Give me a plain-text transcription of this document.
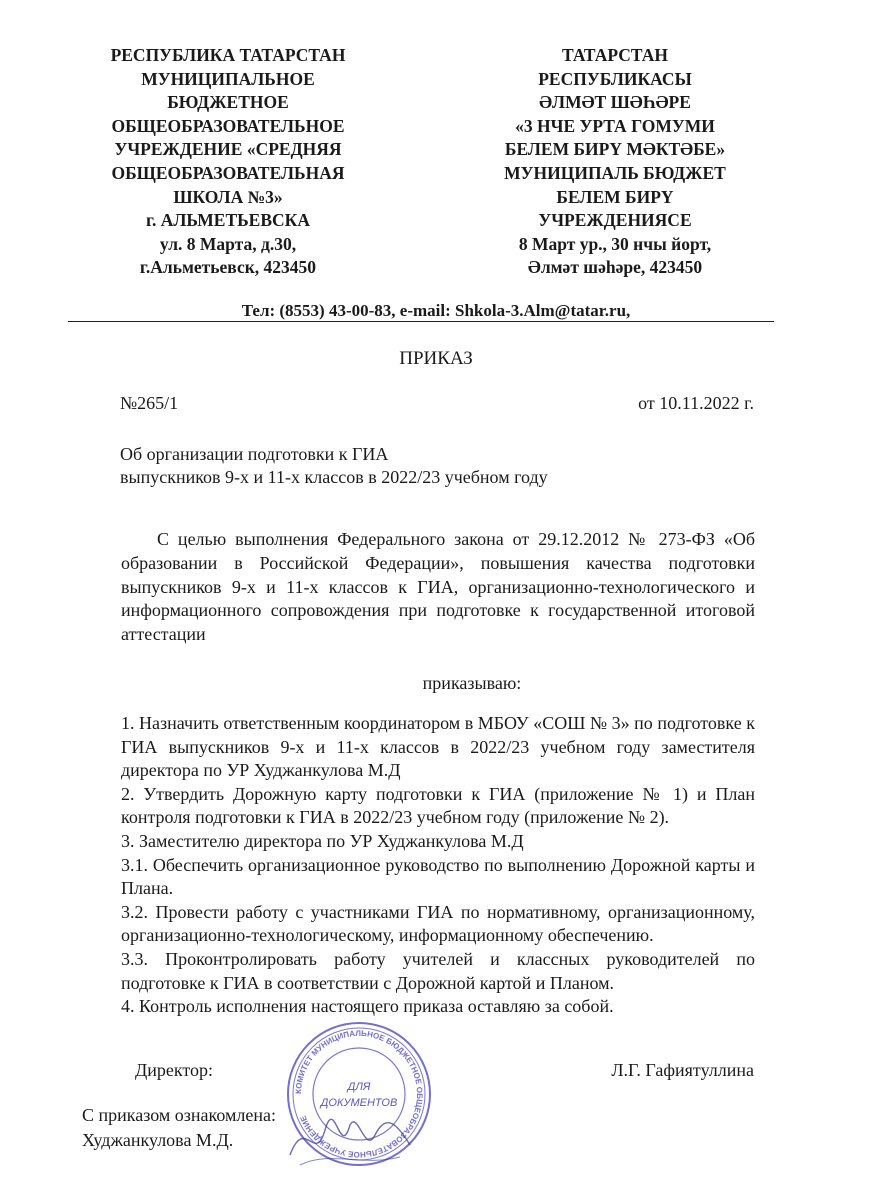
РЕСПУБЛИКА ТАТАРСТАН
МУНИЦИПАЛЬНОЕ
БЮДЖЕТНОЕ
ОБЩЕОБРАЗОВАТЕЛЬНОЕ
УЧРЕЖДЕНИЕ «СРЕДНЯЯ
ОБЩЕОБРАЗОВАТЕЛЬНАЯ
ШКОЛА №3»
г. АЛЬМЕТЬЕВСКА
ул. 8 Марта, д.30,
г.Альметьевск, 423450
ТАТАРСТАН
РЕСПУБЛИКАСЫ
ӘЛМӘТ ШӘҺӘРЕ
«3 НЧЕ УРТА ГОМУМИ
БЕЛЕМ БИРҮ МӘКТӘБЕ»
МУНИЦИПАЛЬ БЮДЖЕТ
БЕЛЕМ БИРҮ
УЧРЕЖДЕНИЯСЕ
8 Март ур., 30 нчы йорт,
Әлмәт шәһәре, 423450
Тел: (8553) 43-00-83, e-mail: Shkola-3.Alm@tatar.ru,
ПРИКАЗ
№265/1	от 10.11.2022 г.
Об организации подготовки к ГИА
выпускников 9-х и 11-х классов в 2022/23 учебном году

С целью выполнения Федерального закона от 29.12.2012 № 273-ФЗ «Об образовании в Российской Федерации», повышения качества подготовки выпускников 9-х и 11-х классов к ГИА, организационно-технологического и информационного сопровождения при подготовке к государственной итоговой аттестации

приказываю:

1. Назначить ответственным координатором в МБОУ «СОШ № 3» по подготовке к ГИА выпускников 9-х и 11-х классов в 2022/23 учебном году заместителя директора по УР Худжанкулова М.Д

2. Утвердить Дорожную карту подготовки к ГИА (приложение № 1) и План контроля подготовки к ГИА в 2022/23 учебном году (приложение № 2).

3. Заместителю директора по УР Худжанкулова М.Д

3.1. Обеспечить организационное руководство по выполнению Дорожной карты и Плана.

3.2. Провести работу с участниками ГИА по нормативному, организационному, организационно-технологическому, информационному обеспечению.

3.3. Проконтролировать работу учителей и классных руководителей по подготовке к ГИА в соответствии с Дорожной картой и Планом.

4. Контроль исполнения настоящего приказа оставляю за собой.

Директор:	Л.Г. Гафиятуллина
КОМИТЕТ МУНИЦИПАЛЬНОЕ БЮДЖЕТНОЕ ОБЩЕОБРАЗОВАТЕЛЬНОЕ УЧРЕЖДЕНИЕ
ДЛЯ
ДОКУМЕНТОВ
С приказом ознакомлена:
Худжанкулова М.Д.
